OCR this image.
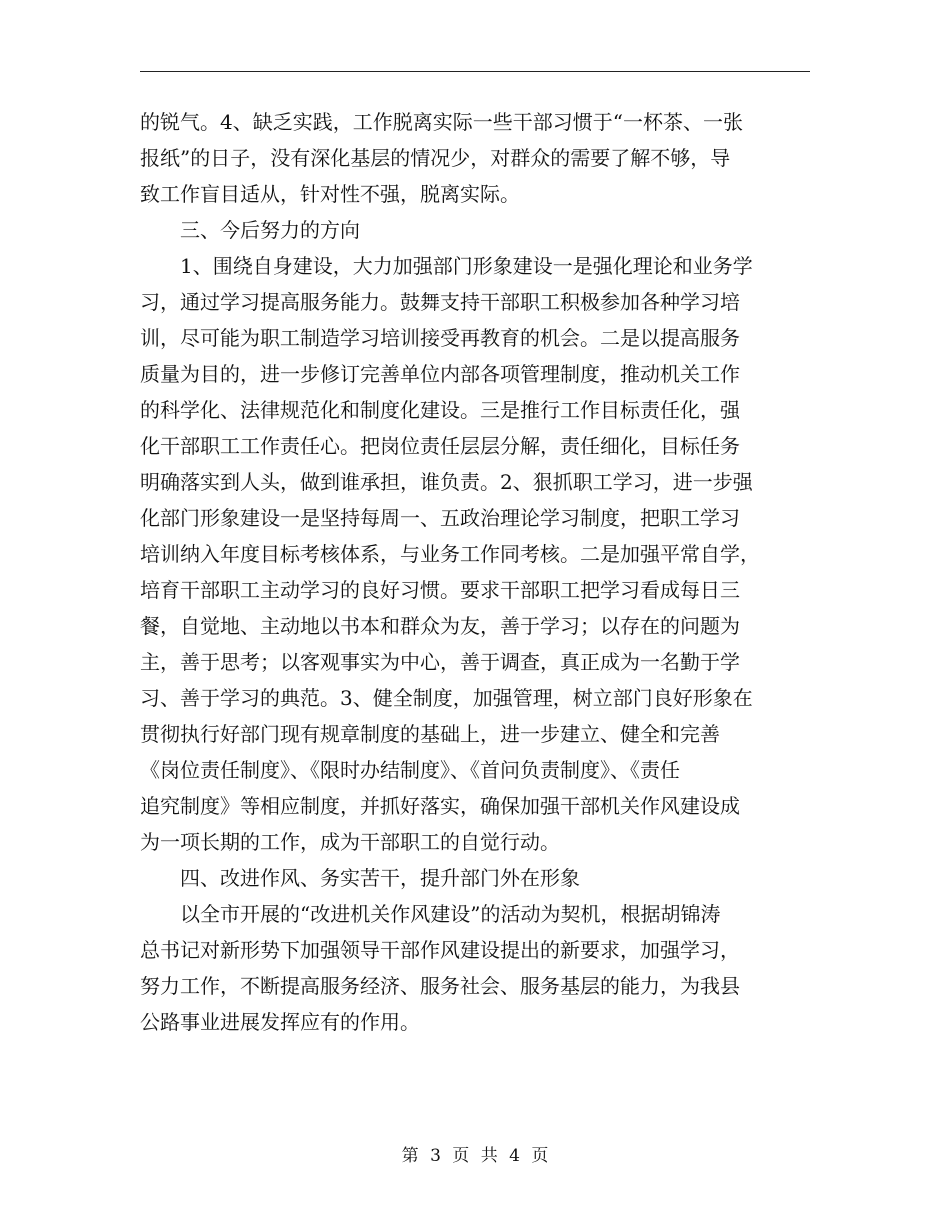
的锐气。4、缺乏实践，工作脱离实际一些干部习惯于“一杯茶、一张
报纸”的日子，没有深化基层的情况少，对群众的需要了解不够，导
致工作盲目适从，针对性不强，脱离实际。
　　三、今后努力的方向
　　1、围绕自身建设，大力加强部门形象建设一是强化理论和业务学
习，通过学习提高服务能力。鼓舞支持干部职工积极参加各种学习培
训，尽可能为职工制造学习培训接受再教育的机会。二是以提高服务
质量为目的，进一步修订完善单位内部各项管理制度，推动机关工作
的科学化、法律规范化和制度化建设。三是推行工作目标责任化，强
化干部职工工作责任心。把岗位责任层层分解，责任细化，目标任务
明确落实到人头，做到谁承担，谁负责。2、狠抓职工学习，进一步强
化部门形象建设一是坚持每周一、五政治理论学习制度，把职工学习
培训纳入年度目标考核体系，与业务工作同考核。二是加强平常自学，
培育干部职工主动学习的良好习惯。要求干部职工把学习看成每日三
餐，自觉地、主动地以书本和群众为友，善于学习；以存在的问题为
主，善于思考；以客观事实为中心，善于调查，真正成为一名勤于学
习、善于学习的典范。3、健全制度，加强管理，树立部门良好形象在
贯彻执行好部门现有规章制度的基础上，进一步建立、健全和完善
《岗位责任制度》、《限时办结制度》、《首问负责制度》、《责任
追究制度》等相应制度，并抓好落实，确保加强干部机关作风建设成
为一项长期的工作，成为干部职工的自觉行动。
　　四、改进作风、务实苦干，提升部门外在形象
　　以全市开展的“改进机关作风建设”的活动为契机，根据胡锦涛
总书记对新形势下加强领导干部作风建设提出的新要求，加强学习，
努力工作，不断提高服务经济、服务社会、服务基层的能力，为我县
公路事业进展发挥应有的作用。
第 3 页 共 4 页
